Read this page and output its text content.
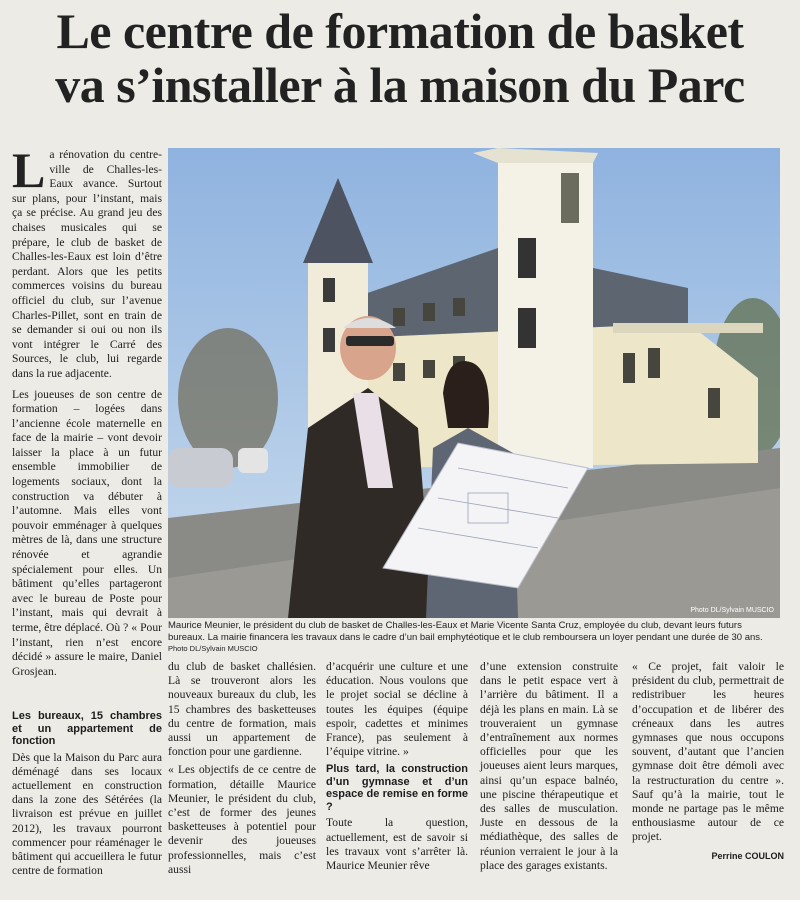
Le centre de formation de basket
va s’installer à la maison du Parc

La rénovation du centre-ville de Challes-les-Eaux avance. Surtout sur plans, pour l’instant, mais ça se précise. Au grand jeu des chaises musicales qui se prépare, le club de basket de Challes-les-Eaux est loin d’être perdant. Alors que les petits commerces voisins du bureau officiel du club, sur l’avenue Charles-Pillet, sont en train de se demander si oui ou non ils vont intégrer le Carré des Sources, le club, lui regarde dans la rue adjacente.

Les joueuses de son centre de formation – logées dans l’ancienne école maternelle en face de la mairie – vont devoir laisser la place à un futur ensemble immobilier de logements sociaux, dont la construction va débuter à l’automne. Mais elles vont pouvoir emménager à quelques mètres de là, dans une structure rénovée et agrandie spécialement pour elles. Un bâtiment qu’elles partageront avec le bureau de Poste pour l’instant, mais qui devrait à terme, être déplacé. Où ? « Pour l’instant, rien n’est encore décidé » assure le maire, Daniel Grosjean.

Photo DL/Sylvain MUSCIO
Maurice Meunier, le président du club de basket de Challes-les-Eaux et Marie Vicente Santa Cruz, employée du club, devant leurs futurs bureaux. La mairie financera les travaux dans le cadre d’un bail emphytéotique et le club remboursera un loyer pendant une durée de 30 ans. Photo DL/Sylvain MUSCIO
Les bureaux, 15 chambres et un appartement de fonction

Dès que la Maison du Parc aura déménagé dans ses locaux actuellement en construction dans la zone des Sétérées (la livraison est prévue en juillet 2012), les travaux pourront commencer pour réaménager le bâtiment qui accueillera le futur centre de formation

du club de basket challésien. Là se trouveront alors les nouveaux bureaux du club, les 15 chambres des basketteuses du centre de formation, mais aussi un appartement de fonction pour une gardienne.

« Les objectifs de ce centre de formation, détaille Maurice Meunier, le président du club, c’est de former des jeunes basketteuses à potentiel pour devenir des joueuses professionnelles, mais c’est aussi

d’acquérir une culture et une éducation. Nous voulons que le projet social se décline à toutes les équipes (équipe espoir, cadettes et minimes France), pas seulement à l’équipe vitrine. »

Plus tard, la construction d’un gymnase et d’un espace de remise en forme ?

Toute la question, actuellement, est de savoir si les travaux vont s’arrêter là. Maurice Meunier rêve

d’une extension construite dans le petit espace vert à l’arrière du bâtiment. Il a déjà les plans en main. Là se trouveraient un gymnase d’entraînement aux normes officielles pour que les joueuses aient leurs marques, ainsi qu’un espace balnéo, une piscine thérapeutique et des salles de musculation. Juste en dessous de la médiathèque, des salles de réunion verraient le jour à la place des garages existants.

« Ce projet, fait valoir le président du club, permettrait de redistribuer les heures d’occupation et de libérer des créneaux dans les autres gymnases que nous occupons souvent, d’autant que l’ancien gymnase doit être démoli avec la restructuration du centre ». Sauf qu’à la mairie, tout le monde ne partage pas le même enthousiasme autour de ce projet.

Perrine COULON
